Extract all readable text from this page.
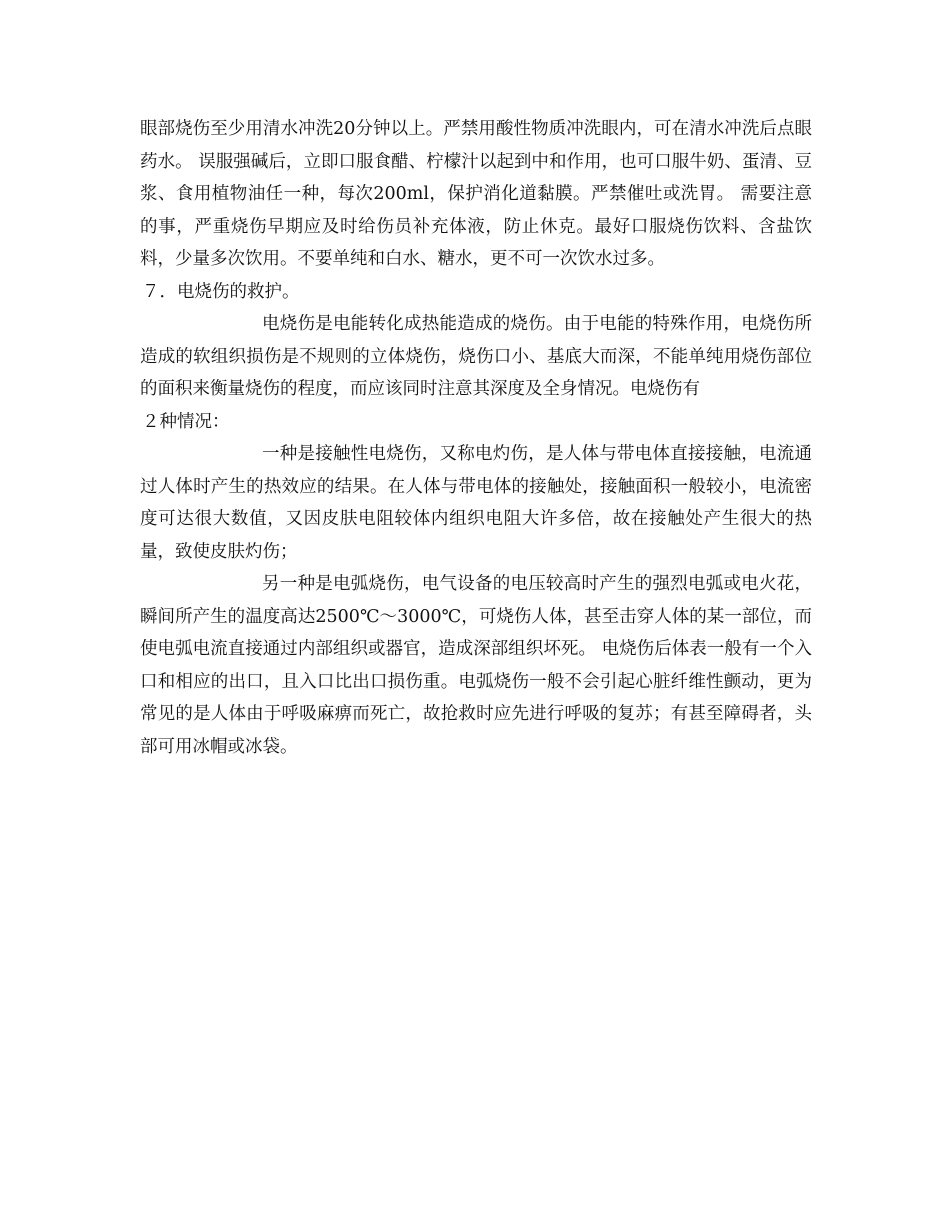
眼部烧伤至少用清水冲洗20分钟以上。严禁用酸性物质冲洗眼内，可在清水冲洗后点眼药水。 误服强碱后，立即口服食醋、柠檬汁以起到中和作用，也可口服牛奶、蛋清、豆浆、食用植物油任一种，每次200ml，保护消化道黏膜。严禁催吐或洗胃。 需要注意的事，严重烧伤早期应及时给伤员补充体液，防止休克。最好口服烧伤饮料、含盐饮料，少量多次饮用。不要单纯和白水、糖水，更不可一次饮水过多。

７．电烧伤的救护。

电烧伤是电能转化成热能造成的烧伤。由于电能的特殊作用，电烧伤所造成的软组织损伤是不规则的立体烧伤，烧伤口小、基底大而深，不能单纯用烧伤部位的面积来衡量烧伤的程度，而应该同时注意其深度及全身情况。电烧伤有

２种情况：

一种是接触性电烧伤，又称电灼伤，是人体与带电体直接接触，电流通过人体时产生的热效应的结果。在人体与带电体的接触处，接触面积一般较小，电流密度可达很大数值，又因皮肤电阻较体内组织电阻大许多倍，故在接触处产生很大的热量，致使皮肤灼伤；

另一种是电弧烧伤，电气设备的电压较高时产生的强烈电弧或电火花，瞬间所产生的温度高达2500℃～3000℃，可烧伤人体，甚至击穿人体的某一部位，而使电弧电流直接通过内部组织或器官，造成深部组织坏死。 电烧伤后体表一般有一个入口和相应的出口，且入口比出口损伤重。电弧烧伤一般不会引起心脏纤维性颤动，更为常见的是人体由于呼吸麻痹而死亡，故抢救时应先进行呼吸的复苏；有甚至障碍者，头部可用冰帽或冰袋。
